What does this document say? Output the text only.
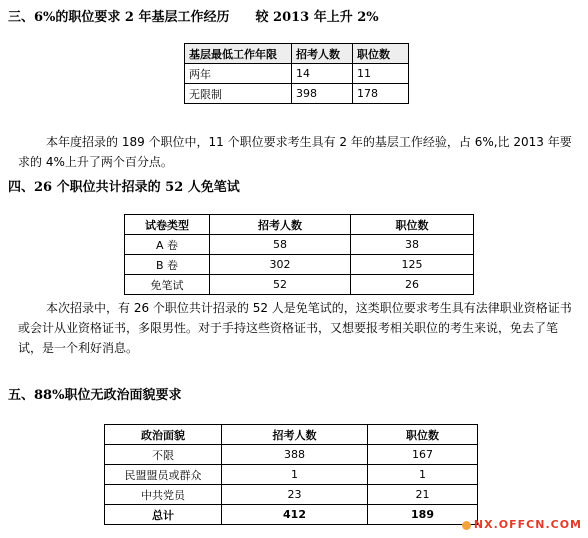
三、6%的职位要求 2 年基层工作经历　　较 2013 年上升 2%
基层最低工作年限	招考人数	职位数
两年	14	11
无限制	398	178
本年度招录的 189 个职位中，11 个职位要求考生具有 2 年的基层工作经验，占 6%,比 2013 年要求的 4%上升了两个百分点。
四、26 个职位共计招录的 52 人免笔试
试卷类型	招考人数	职位数
A 卷	58	38
B 卷	302	125
免笔试	52	26
本次招录中，有 26 个职位共计招录的 52 人是免笔试的，这类职位要求考生具有法律职业资格证书或会计从业资格证书，多限男性。对于手持这些资格证书，又想要报考相关职位的考生来说，免去了笔试，是一个利好消息。
五、88%职位无政治面貌要求
政治面貌	招考人数	职位数
不限	388	167
民盟盟员或群众	1	1
中共党员	23	21
总计	412	189
NX.OFFCN.COM
